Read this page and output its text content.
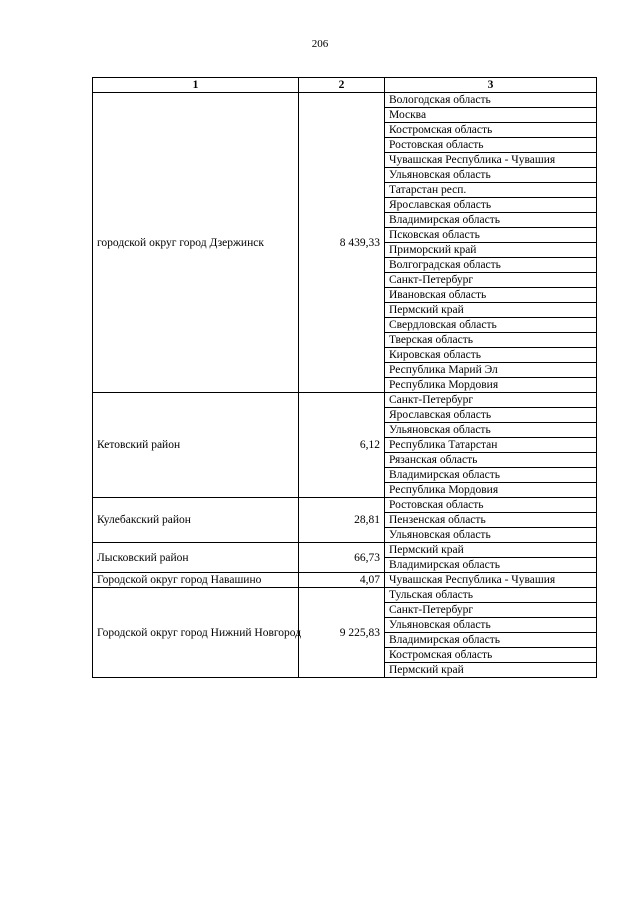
206
1	2	3
городской округ город Дзержинск	8 439,33	Вологодская область
		Москва
		Костромская область
		Ростовская область
		Чувашская Республика - Чувашия
		Ульяновская область
		Татарстан респ.
		Ярославская область
		Владимирская область
		Псковская область
		Приморский край
		Волгоградская область
		Санкт-Петербург
		Ивановская область
		Пермский край
		Свердловская область
		Тверская область
		Кировская область
		Республика Марий Эл
		Республика Мордовия
Кетовский район	6,12	Санкт-Петербург
		Ярославская область
		Ульяновская область
		Республика Татарстан
		Рязанская область
		Владимирская область
		Республика Мордовия
Кулебакский район	28,81	Ростовская область
		Пензенская область
		Ульяновская область
Лысковский район	66,73	Пермский край
		Владимирская область
Городской округ город Навашино	4,07	Чувашская Республика - Чувашия
Городской округ город Нижний Новгород	9 225,83	Тульская область
		Санкт-Петербург
		Ульяновская область
		Владимирская область
		Костромская область
		Пермский край
